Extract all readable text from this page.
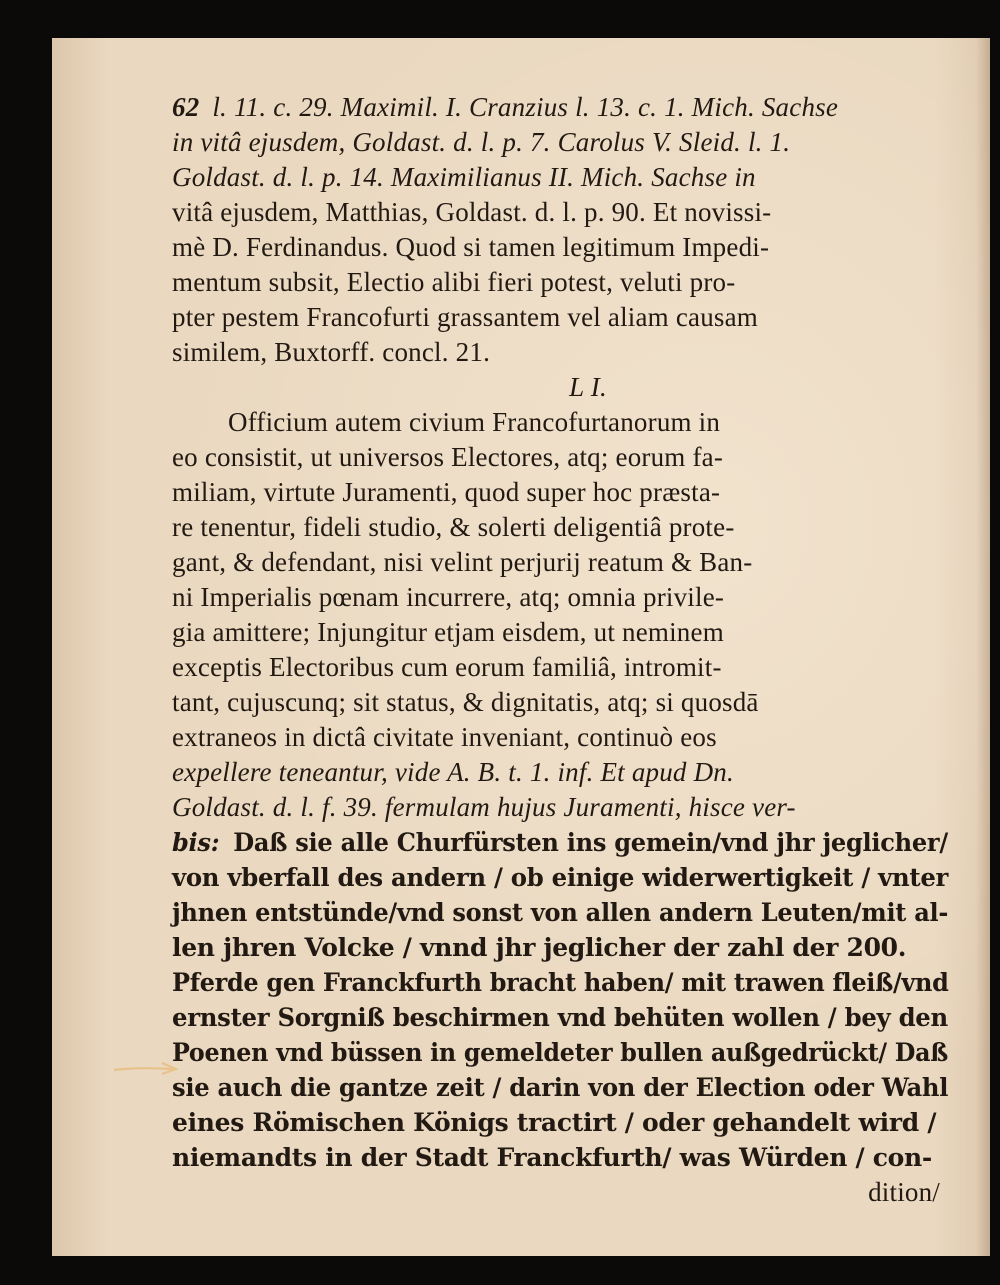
62 l. 11. c. 29. Maximil. I. Cranzius l. 13. c. 1. Mich. Sachse
in vitâ ejusdem, Goldast. d. l. p. 7. Carolus V. Sleid. l. 1.
Goldast. d. l. p. 14. Maximilianus II. Mich. Sachse in
vitâ ejusdem, Matthias, Goldast. d. l. p. 90. Et novissi-
mè D. Ferdinandus. Quod si tamen legitimum Impedi-
mentum subsit, Electio alibi fieri potest, veluti pro-
pter pestem Francofurti grassantem vel aliam causam
similem, Buxtorff. concl. 21.
L I.
Officium autem civium Francofurtanorum in
eo consistit, ut universos Electores, atq; eorum fa-
miliam, virtute Juramenti, quod super hoc præsta-
re tenentur, fideli studio, & solerti deligentiâ prote-
gant, & defendant, nisi velint perjurij reatum & Ban-
ni Imperialis pœnam incurrere, atq; omnia privile-
gia amittere; Injungitur etjam eisdem, ut neminem
exceptis Electoribus cum eorum familiâ, intromit-
tant, cujuscunq; sit status, & dignitatis, atq; si quosdā
extraneos in dictâ civitate inveniant, continuò eos
expellere teneantur, vide A. B. t. 1. inf. Et apud Dn.
Goldast. d. l. f. 39. fermulam hujus Juramenti, hisce ver-
bis: Daß sie alle Churfürsten ins gemein/vnd jhr jeglicher/
von vberfall des andern / ob einige widerwertigkeit / vnter
jhnen entstünde/vnd sonst von allen andern Leuten/mit al-
len jhren Volcke / vnnd jhr jeglicher der zahl der 200.
Pferde gen Franckfurth bracht haben/ mit trawen fleiß/vnd
ernster Sorgniß beschirmen vnd behüten wollen / bey den
Poenen vnd büssen in gemeldeter bullen außgedrückt/ Daß
sie auch die gantze zeit / darin von der Election oder Wahl
eines Römischen Königs tractirt / oder gehandelt wird /
niemandts in der Stadt Franckfurth/ was Würden / con-
dition/
